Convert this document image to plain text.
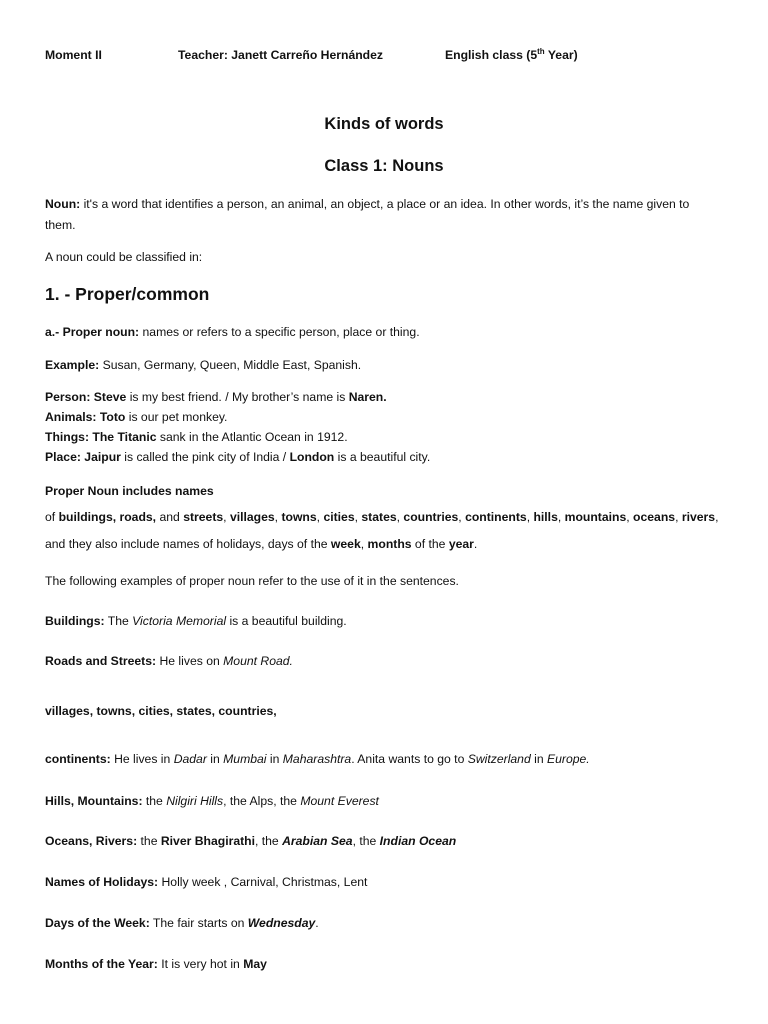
Moment II	Teacher: Janett Carreño Hernández	English class (5th Year)
Kinds of words
Class 1: Nouns
Noun: it's a word that identifies a person, an animal, an object, a place or an idea. In other words, it’s the name given to
them.
A noun could be classified in:
1. - Proper/common
a.- Proper noun: names or refers to a specific person, place or thing.
Example: Susan, Germany, Queen, Middle East, Spanish.
Person: Steve is my best friend. / My brother’s name is Naren.
Animals: Toto is our pet monkey.
Things: The Titanic sank in the Atlantic Ocean in 1912.
Place: Jaipur is called the pink city of India / London is a beautiful city.
Proper Noun includes names
of buildings, roads, and streets, villages, towns, cities, states, countries, continents, hills, mountains, oceans, rivers,
and they also include names of holidays, days of the week, months of the year.
The following examples of proper noun refer to the use of it in the sentences.
Buildings: The Victoria Memorial is a beautiful building.
Roads and Streets: He lives on Mount Road.
villages, towns, cities, states, countries,
continents: He lives in Dadar in Mumbai in Maharashtra. Anita wants to go to Switzerland in Europe.
Hills, Mountains: the Nilgiri Hills, the Alps, the Mount Everest
Oceans, Rivers: the River Bhagirathi, the Arabian Sea, the Indian Ocean
Names of Holidays: Holly week , Carnival, Christmas, Lent
Days of the Week: The fair starts on Wednesday.
Months of the Year: It is very hot in May
